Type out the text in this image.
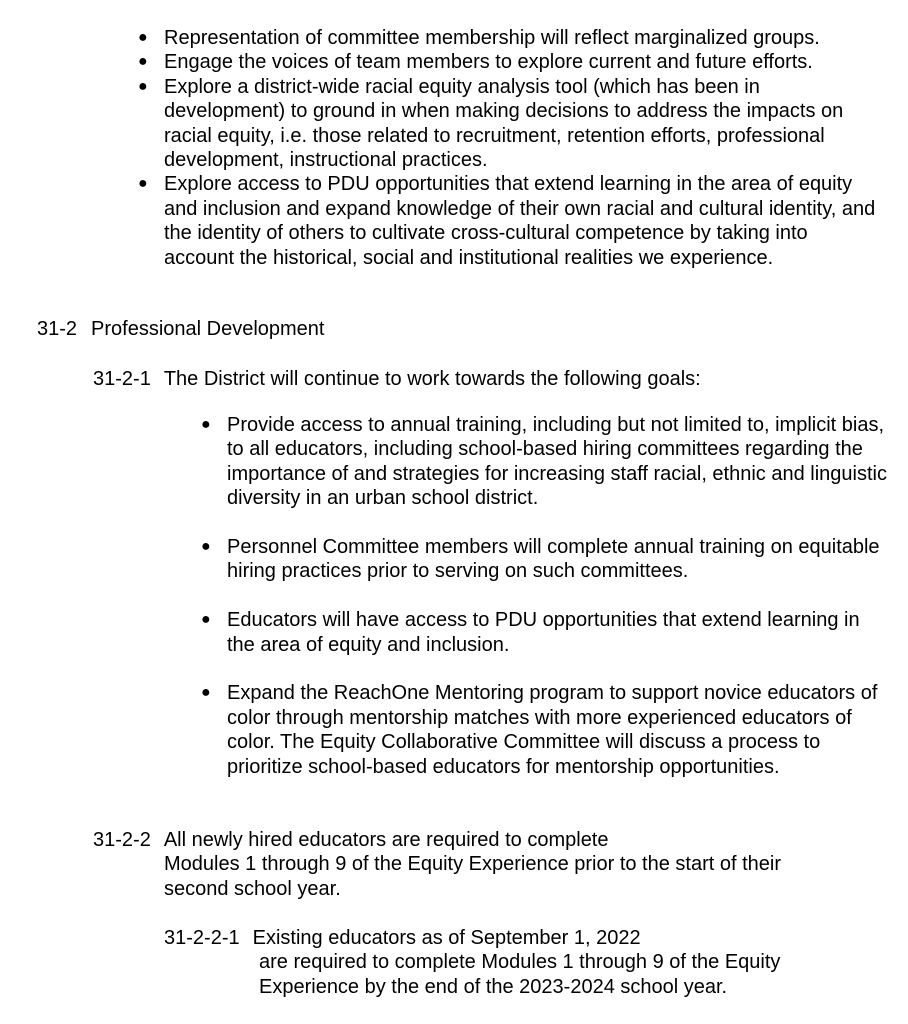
● Representation of committee membership will reflect marginalized groups.
● Engage the voices of team members to explore current and future efforts.
● Explore a district-wide racial equity analysis tool (which has been in development) to ground in when making decisions to address the impacts on racial equity, i.e. those related to recruitment, retention efforts, professional development, instructional practices.
● Explore access to PDU opportunities that extend learning in the area of equity and inclusion and expand knowledge of their own racial and cultural identity, and the identity of others to cultivate cross-cultural competence by taking into account the historical, social and institutional realities we experience.
31-2 Professional Development
31-2-1 The District will continue to work towards the following goals:
● Provide access to annual training, including but not limited to, implicit bias, to all educators, including school-based hiring committees regarding the importance of and strategies for increasing staff racial, ethnic and linguistic diversity in an urban school district.
● Personnel Committee members will complete annual training on equitable hiring practices prior to serving on such committees.
● Educators will have access to PDU opportunities that extend learning in the area of equity and inclusion.
● Expand the ReachOne Mentoring program to support novice educators of color through mentorship matches with more experienced educators of color. The Equity Collaborative Committee will discuss a process to prioritize school-based educators for mentorship opportunities.
31-2-2 All newly hired educators are required to complete
Modules 1 through 9 of the Equity Experience prior to the start of their
second school year.
31-2-2-1 Existing educators as of September 1, 2022
are required to complete Modules 1 through 9 of the Equity
Experience by the end of the 2023-2024 school year.
